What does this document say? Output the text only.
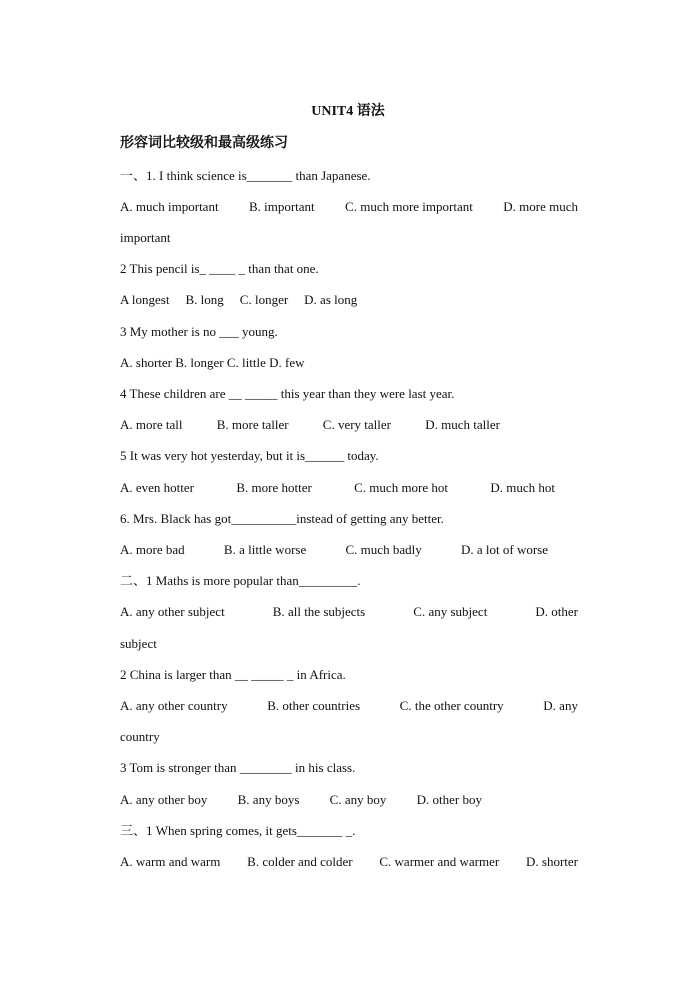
UNIT4 语法
形容词比较级和最高级练习
一、1. I think science is_______ than Japanese.
A. much important B. important C. much more important D. more much
important
2 This pencil is_ ____ _ than that one.
A longest B. long C. longer D. as long
3 My mother is no ___ young.
A. shorter B. longer C. little D. few
4 These children are __ _____ this year than they were last year.
A. more tall	B. more taller	C. very taller	D. much taller
5 It was very hot yesterday, but it is______ today.
A. even hotter	B. more hotter	C. much more hot	D. much hot
6. Mrs. Black has got__________instead of getting any better.
A. more bad	B. a little worse	C. much badly	D. a lot of worse
二、1 Maths is more popular than_________.
A. any other subject	B. all the subjects	C. any subject	D. other
subject
2 China is larger than __ _____ _ in Africa.
A. any other country	B. other countries	C. the other country	D. any
country
3 Tom is stronger than ________ in his class.
A. any other boy B. any boys C. any boy D. other boy
三、1 When spring comes, it gets_______ _.
A. warm and warm B. colder and colder C. warmer and warmer D. shorter
